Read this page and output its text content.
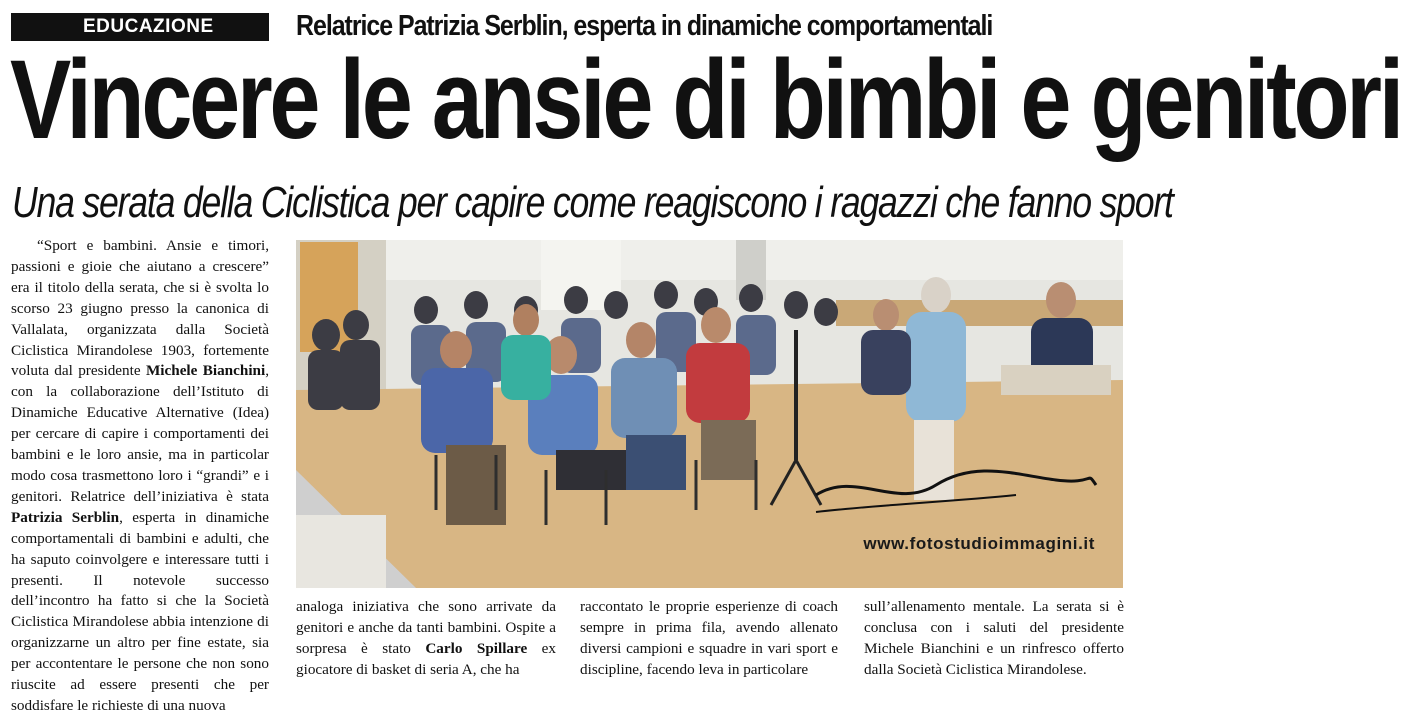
EDUCAZIONE	Relatrice Patrizia Serblin, esperta in dinamiche comportamentali
Vincere le ansie di bimbi e genitori
Una serata della Ciclistica per capire come reagiscono i ragazzi che fanno sport

“Sport e bambini. Ansie e timori, passioni e gioie che aiutano a crescere” era il titolo della serata, che si è svolta lo scorso 23 giugno presso la canonica di Vallalata, organizzata dalla Società Ciclistica Mirandolese 1903, fortemente voluta dal presidente Michele Bianchini, con la collaborazione dell’Istituto di Dinamiche Educative Alternative (Idea) per cercare di capire i comportamenti dei bambini e le loro ansie, ma in particolar modo cosa trasmettono loro i “grandi” e i genitori. Relatrice dell’iniziativa è stata Patrizia Serblin, esperta in dinamiche comportamentali di bambini e adulti, che ha saputo coinvolgere e interessare tutti i presenti. Il notevole successo dell’incontro ha fatto si che la Società Ciclistica Mirandolese abbia intenzione di organizzarne un altro per fine estate, sia per accontentare le persone che non sono riuscite ad essere presenti che per soddisfare le richieste di una nuova

www.fotostudioimmagini.it

analoga iniziativa che sono arrivate da genitori e anche da tanti bambini. Ospite a sorpresa è stato Carlo Spillare ex giocatore di basket di seria A, che ha

raccontato le proprie esperienze di coach sempre in prima fila, avendo allenato diversi campioni e squadre in vari sport e discipline, facendo leva in particolare

sull’allenamento mentale. La serata si è conclusa con i saluti del presidente Michele Bianchini e un rinfresco offerto dalla Società Ciclistica Mirandolese.
